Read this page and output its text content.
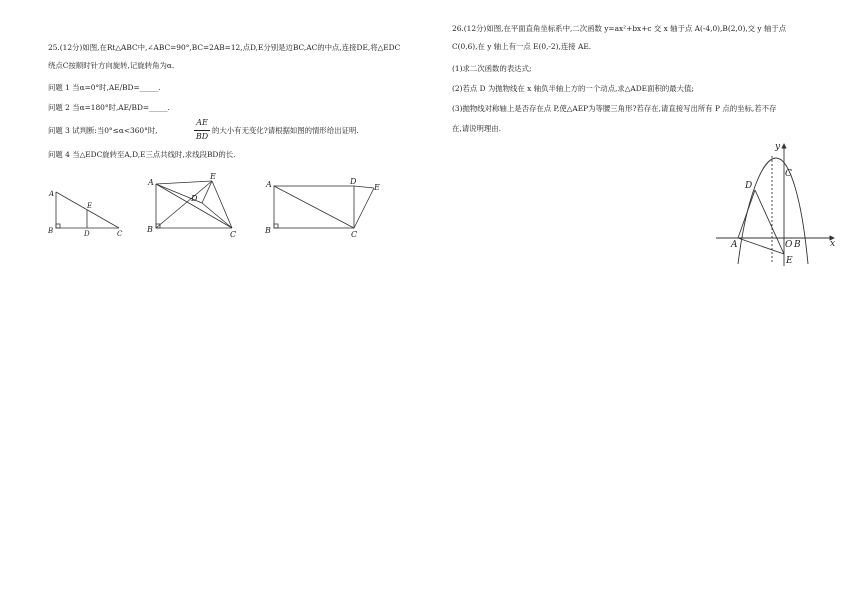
25.(12分)如图,在Rt△ABC中,∠ABC=90°,BC=2AB=12,点D,E分别是边BC,AC的中点,连接DE,将△EDC
绕点C按顺时针方向旋转,记旋转角为α.
问题 1 当α=0°时,AE/BD=_____.
问题 2 当α=180°时,AE/BD=_____.
问题 3 试判断:当0°≤α<360°时,
AE
BD
的大小有无变化?请根据如图的情形给出证明.
问题 4 当△EDC旋转至A,D,E三点共线时,求线段BD的长.
A
E
B	D	C
A
E
D
B
C
A	D
E
B	C
26.(12分)如图,在平面直角坐标系中,二次函数 y=ax²+bx+c 交 x 轴于点 A(-4,0),B(2,0),交 y 轴于点
C(0,6),在 y 轴上有一点 E(0,-2),连接 AE.
(1)求二次函数的表达式;
(2)若点 D 为抛物线在 x 轴负半轴上方的一个动点,求△ADE面积的最大值;
(3)抛物线对称轴上是否存在点 P,使△AEP为等腰三角形?若存在,请直接写出所有 P 点的坐标,若不存
在,请说明理由.
y
x
C
D
A	O B
E
